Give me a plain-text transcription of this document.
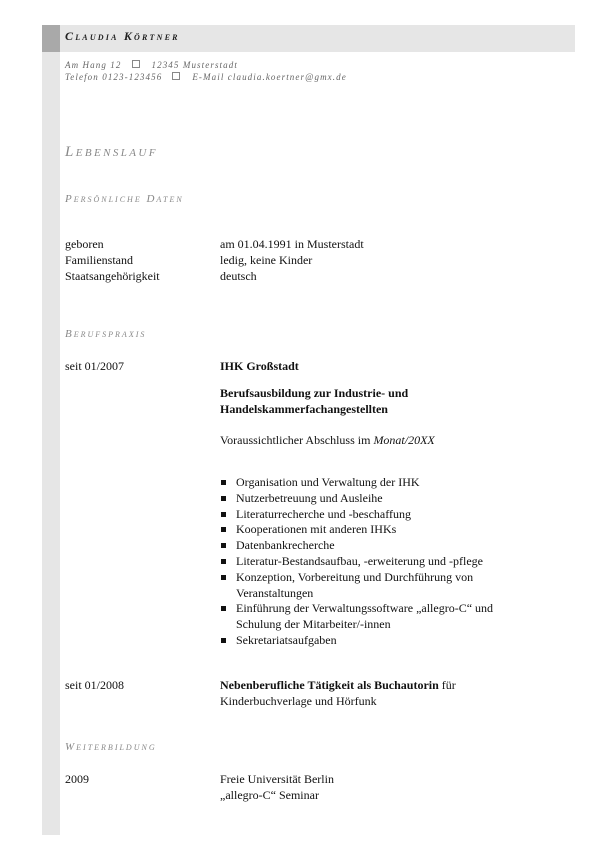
Claudia Körtner
Am Hang 12	12345 Musterstadt
Telefon 0123-123456	E-Mail claudia.koertner@gmx.de
Lebenslauf
Persönliche Daten
geboren	am 01.04.1991 in Musterstadt
Familienstand	ledig, keine Kinder
Staatsangehörigkeit	deutsch
Berufspraxis
seit 01/2007	IHK Großstadt
Berufsausbildung zur Industrie- und
Handelskammerfachangestellten
Voraussichtlicher Abschluss im Monat/20XX
Organisation und Verwaltung der IHK
Nutzerbetreuung und Ausleihe
Literaturrecherche und -beschaffung
Kooperationen mit anderen IHKs
Datenbankrecherche
Literatur-Bestandsaufbau, -erweiterung und -pflege
Konzeption, Vorbereitung und Durchführung von
Veranstaltungen
Einführung der Verwaltungssoftware „allegro-C“ und
Schulung der Mitarbeiter/-innen
Sekretariatsaufgaben
seit 01/2008	Nebenberufliche Tätigkeit als Buchautorin für
Kinderbuchverlage und Hörfunk
Weiterbildung
2009	Freie Universität Berlin
„allegro-C“ Seminar
